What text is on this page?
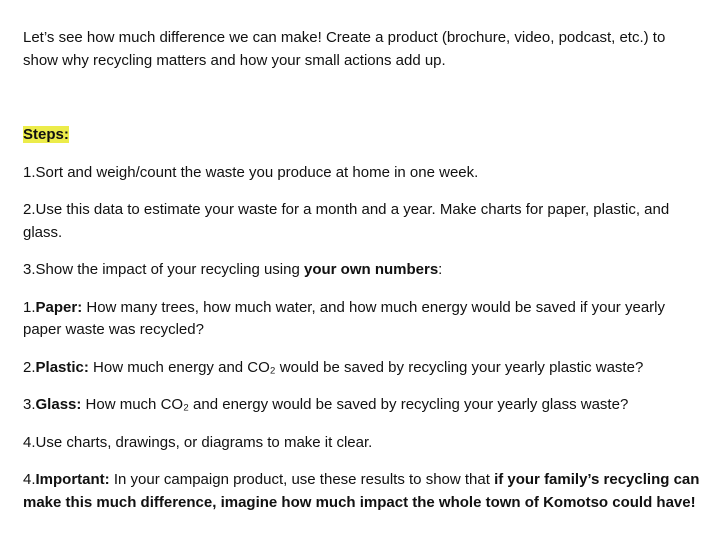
Let’s see how much difference we can make! Create a product (brochure, video, podcast, etc.) to show why recycling matters and how your small actions add up.

Steps:

1.Sort and weigh/count the waste you produce at home in one week.

2.Use this data to estimate your waste for a month and a year. Make charts for paper, plastic, and glass.

3.Show the impact of your recycling using your own numbers:

1.Paper: How many trees, how much water, and how much energy would be saved if your yearly paper waste was recycled?

2.Plastic: How much energy and CO₂ would be saved by recycling your yearly plastic waste?

3.Glass: How much CO₂ and energy would be saved by recycling your yearly glass waste?

4.Use charts, drawings, or diagrams to make it clear.

4.Important: In your campaign product, use these results to show that if your family’s recycling can make this much difference, imagine how much impact the whole town of Komotso could have!
